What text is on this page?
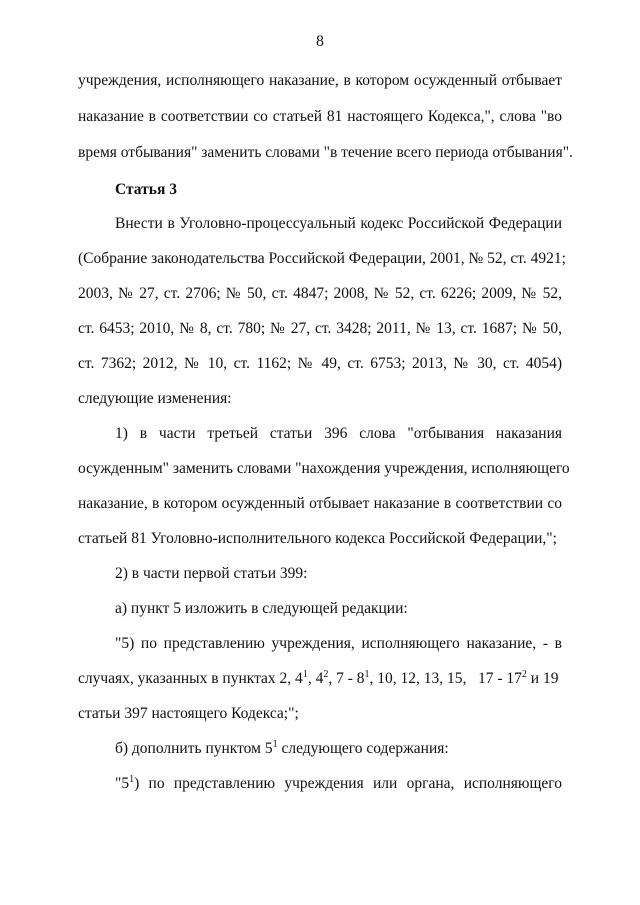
8
учреждения, исполняющего наказание, в котором осужденный отбывает
наказание в соответствии со статьей 81 настоящего Кодекса,", слова "во
время отбывания" заменить словами "в течение всего периода отбывания".
Статья 3
Внести в Уголовно-процессуальный кодекс Российской Федерации
(Собрание законодательства Российской Федерации, 2001, № 52, ст. 4921;
2003, № 27, ст. 2706; № 50, ст. 4847; 2008, № 52, ст. 6226; 2009, № 52,
ст. 6453; 2010, № 8, ст. 780; № 27, ст. 3428; 2011, № 13, ст. 1687; № 50,
ст. 7362; 2012, № 10, ст. 1162; № 49, ст. 6753; 2013, № 30, ст. 4054)
следующие изменения:
1) в части третьей статьи 396 слова "отбывания наказания
осужденным" заменить словами "нахождения учреждения, исполняющего
наказание, в котором осужденный отбывает наказание в соответствии со
статьей 81 Уголовно-исполнительного кодекса Российской Федерации,";
2) в части первой статьи 399:
а) пункт 5 изложить в следующей редакции:
"5) по представлению учреждения, исполняющего наказание, - в
случаях, указанных в пунктах 2, $4^1$, $4^2$, $7 - 8^1$, 10, 12, 13, 15,   $17 - 17^2$ и 19
статьи 397 настоящего Кодекса;";
б) дополнить пунктом $5^1$ следующего содержания:
"$5^1$) по представлению учреждения или органа, исполняющего
